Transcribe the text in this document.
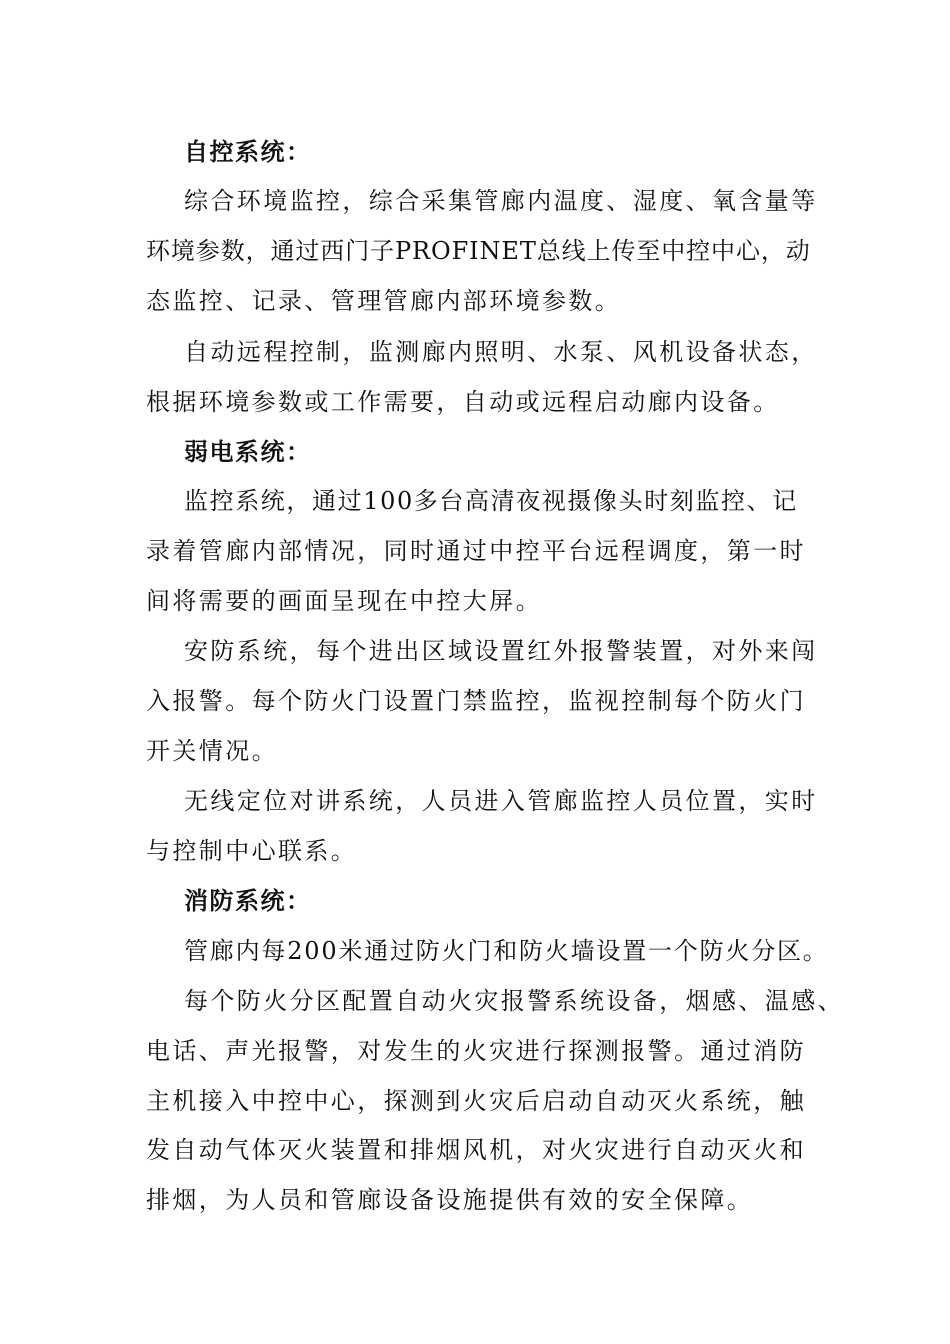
自控系统：
综合环境监控，综合采集管廊内温度、湿度、氧含量等
环境参数，通过西门子PROFINET总线上传至中控中心，动
态监控、记录、管理管廊内部环境参数。
自动远程控制，监测廊内照明、水泵、风机设备状态，
根据环境参数或工作需要，自动或远程启动廊内设备。
弱电系统：
监控系统，通过100多台高清夜视摄像头时刻监控、记
录着管廊内部情况，同时通过中控平台远程调度，第一时
间将需要的画面呈现在中控大屏。
安防系统，每个进出区域设置红外报警装置，对外来闯
入报警。每个防火门设置门禁监控，监视控制每个防火门
开关情况。
无线定位对讲系统，人员进入管廊监控人员位置，实时
与控制中心联系。
消防系统：
管廊内每200米通过防火门和防火墙设置一个防火分区。
每个防火分区配置自动火灾报警系统设备，烟感、温感、
电话、声光报警，对发生的火灾进行探测报警。通过消防
主机接入中控中心，探测到火灾后启动自动灭火系统，触
发自动气体灭火装置和排烟风机，对火灾进行自动灭火和
排烟，为人员和管廊设备设施提供有效的安全保障。
